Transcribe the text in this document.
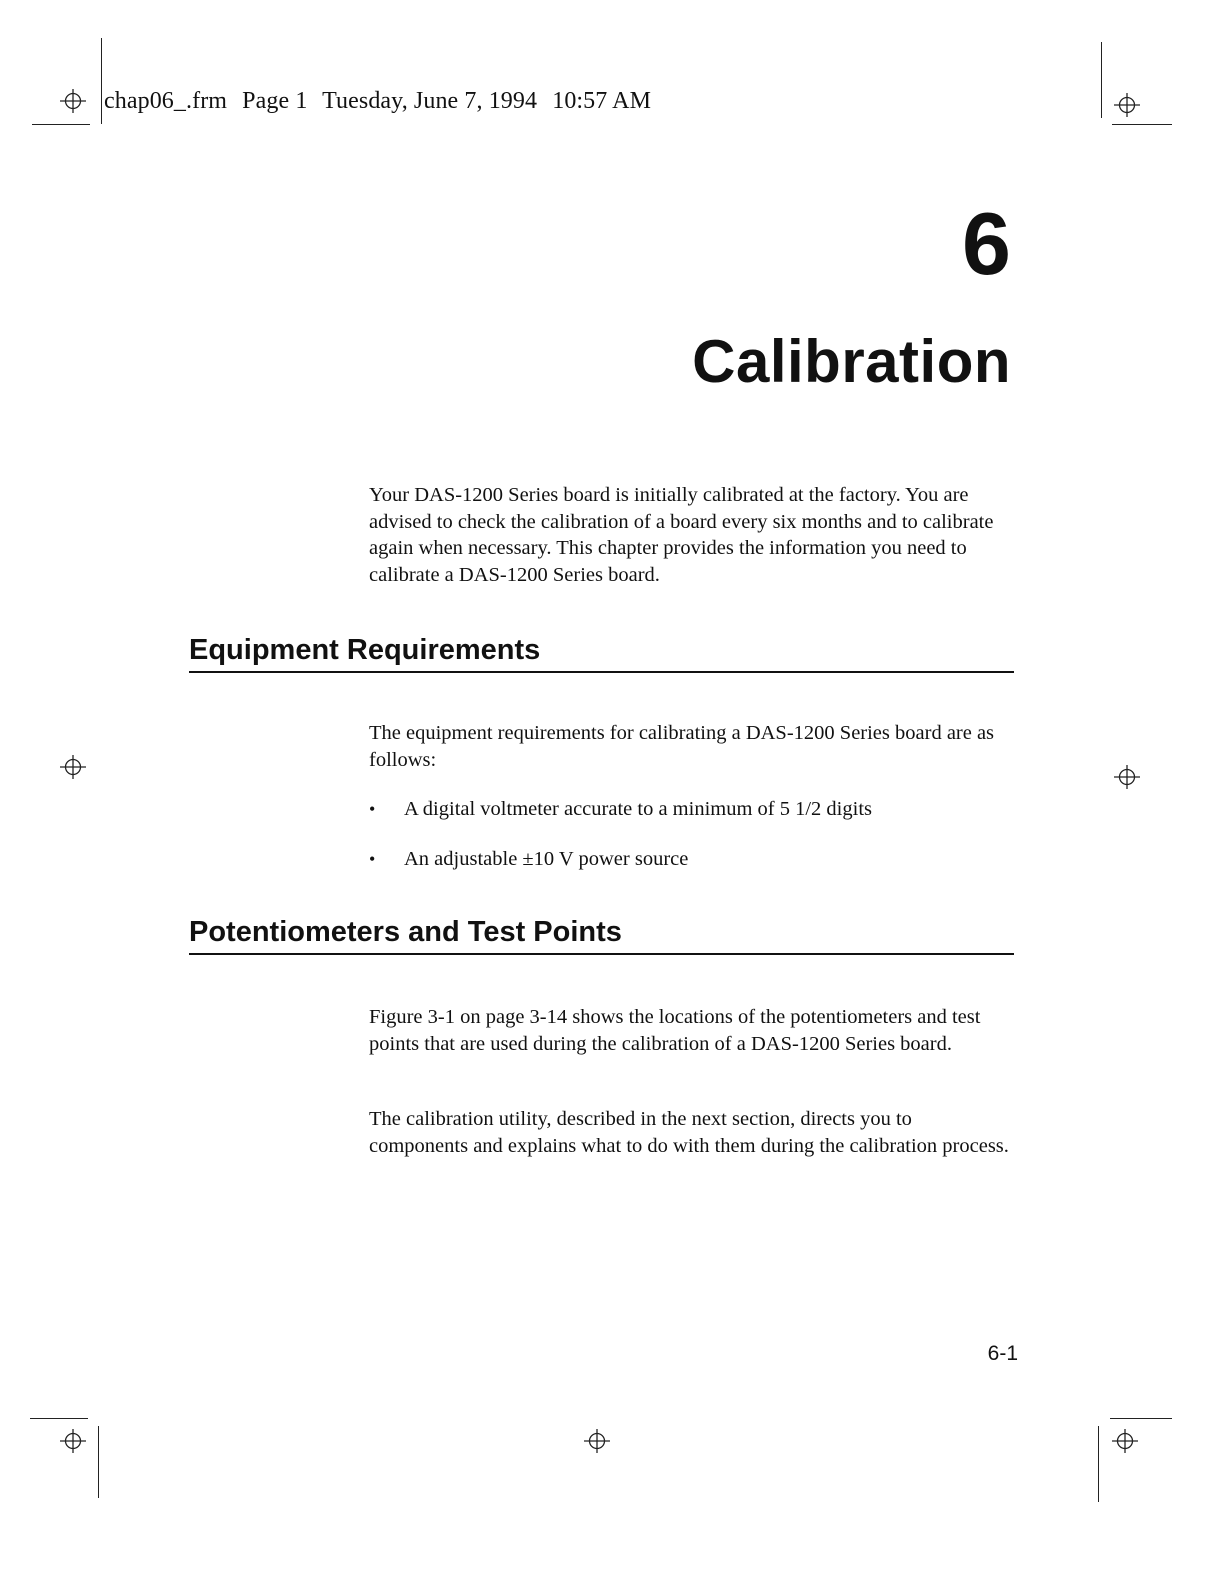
chap06_.frm Page 1 Tuesday, June 7, 1994 10:57 AM
6
Calibration
Your DAS-1200 Series board is initially calibrated at the factory. You are advised to check the calibration of a board every six months and to calibrate again when necessary. This chapter provides the information you need to calibrate a DAS-1200 Series board.
Equipment Requirements
The equipment requirements for calibrating a DAS-1200 Series board are as follows:
• A digital voltmeter accurate to a minimum of 5 1/2 digits
• An adjustable ±10 V power source
Potentiometers and Test Points
Figure 3-1 on page 3-14 shows the locations of the potentiometers and test points that are used during the calibration of a DAS-1200 Series board.
The calibration utility, described in the next section, directs you to components and explains what to do with them during the calibration process.
6-1
